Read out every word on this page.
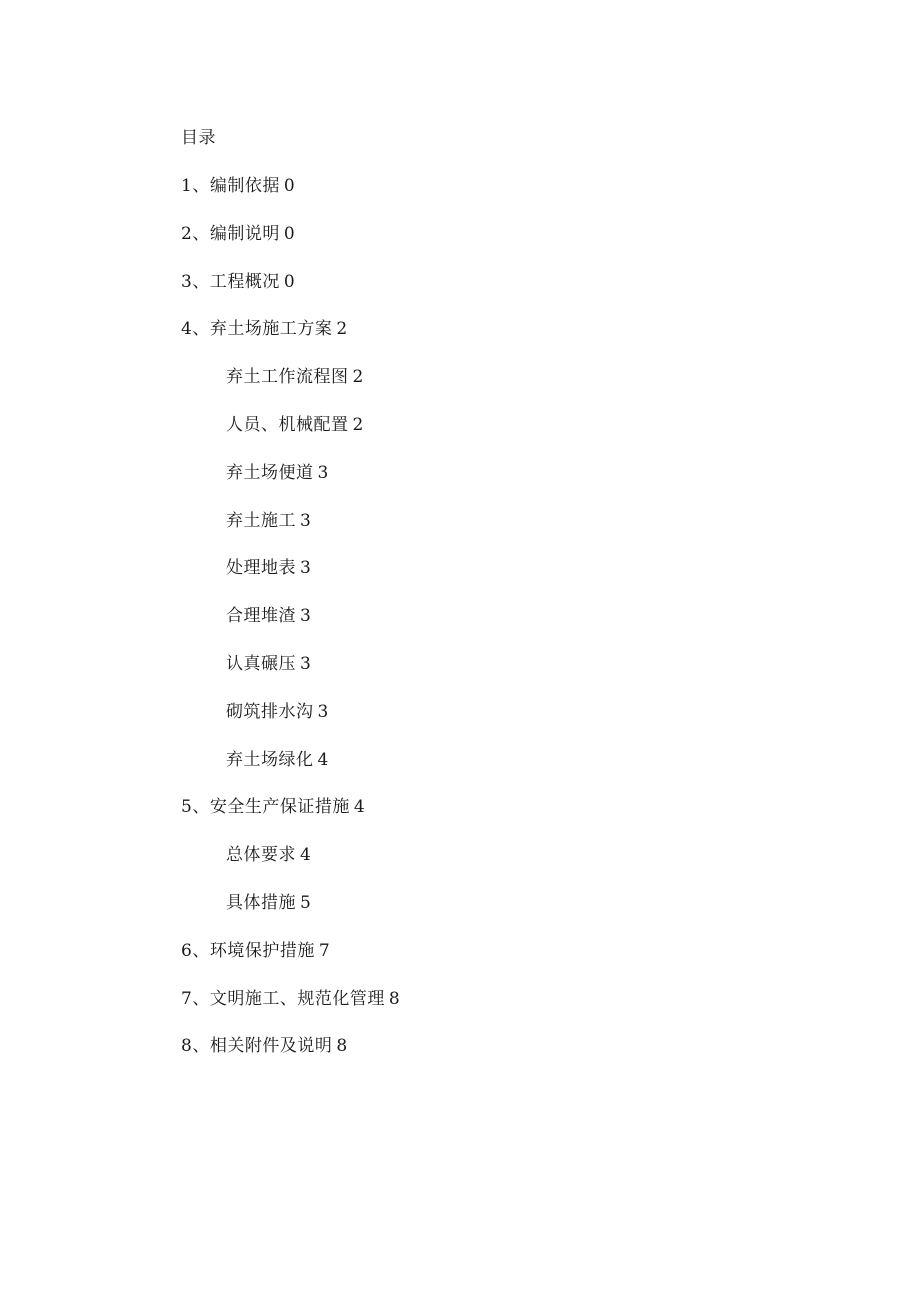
目录
1、编制依据 0
2、编制说明 0
3、工程概况 0
4、弃土场施工方案 2
弃土工作流程图 2
人员、机械配置 2
弃土场便道 3
弃土施工 3
处理地表 3
合理堆渣 3
认真碾压 3
砌筑排水沟 3
弃土场绿化 4
5、安全生产保证措施 4
总体要求 4
具体措施 5
6、环境保护措施 7
7、文明施工、规范化管理 8
8、相关附件及说明 8
